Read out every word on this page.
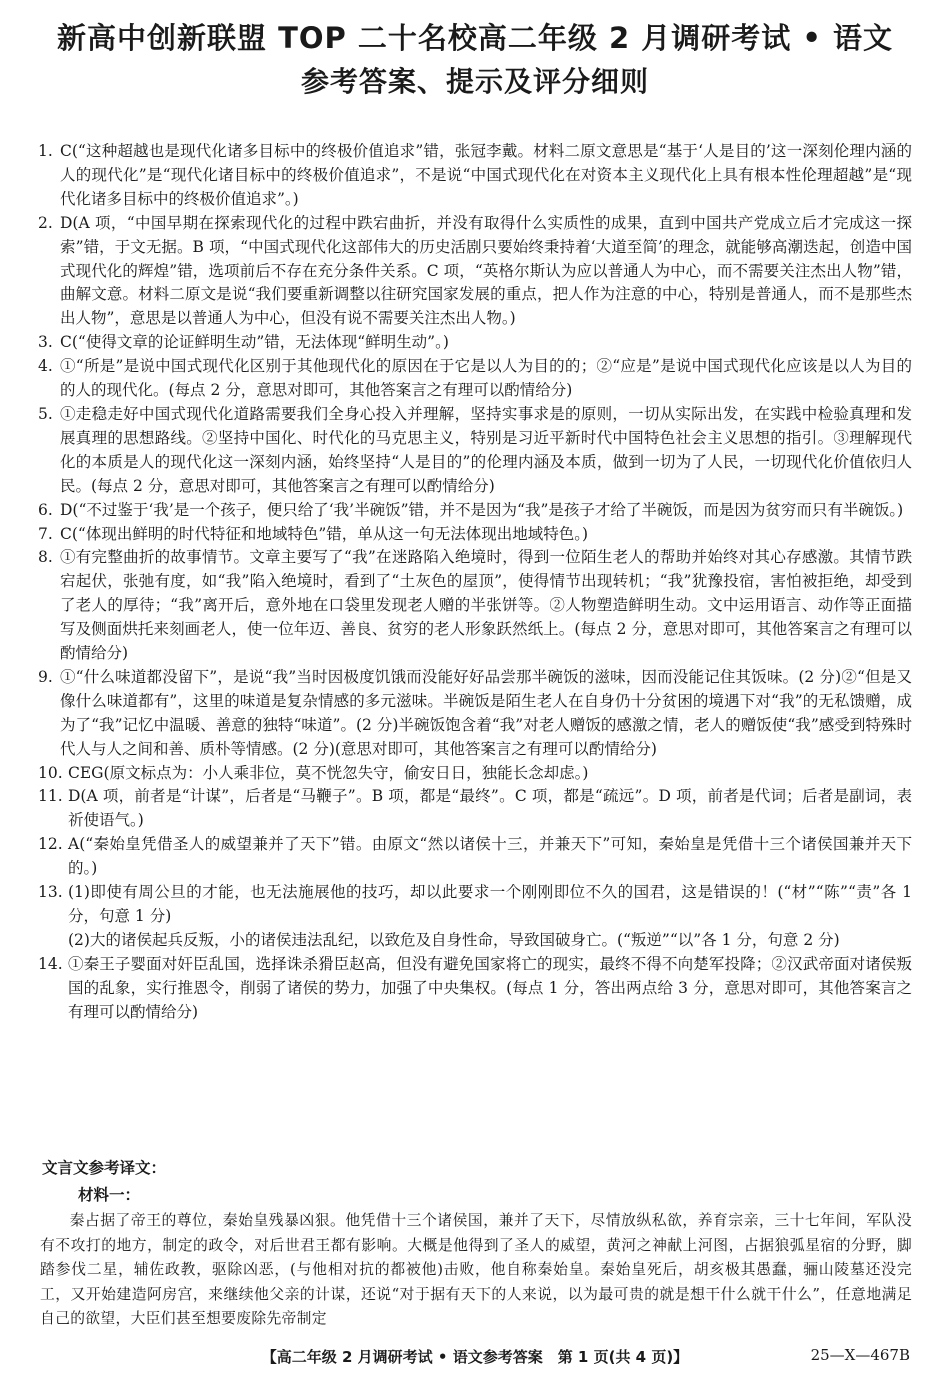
新高中创新联盟 TOP 二十名校高二年级 2 月调研考试 • 语文
参考答案、提示及评分细则
1. C(“这种超越也是现代化诸多目标中的终极价值追求”错，张冠李戴。材料二原文意思是“基于‘人是目的’这一深刻伦理内涵的人的现代化”是“现代化诸目标中的终极价值追求”，不是说“中国式现代化在对资本主义现代化上具有根本性伦理超越”是“现代化诸多目标中的终极价值追求”。)
2. D(A 项，“中国早期在探索现代化的过程中跌宕曲折，并没有取得什么实质性的成果，直到中国共产党成立后才完成这一探索”错，于文无据。B 项，“中国式现代化这部伟大的历史活剧只要始终秉持着‘大道至简’的理念，就能够高潮迭起，创造中国式现代化的辉煌”错，选项前后不存在充分条件关系。C 项，“英格尔斯认为应以普通人为中心，而不需要关注杰出人物”错，曲解文意。材料二原文是说“我们要重新调整以往研究国家发展的重点，把人作为注意的中心，特别是普通人，而不是那些杰出人物”，意思是以普通人为中心，但没有说不需要关注杰出人物。)
3. C(“使得文章的论证鲜明生动”错，无法体现“鲜明生动”。)
4. ①“所是”是说中国式现代化区别于其他现代化的原因在于它是以人为目的的；②“应是”是说中国式现代化应该是以人为目的的人的现代化。(每点 2 分，意思对即可，其他答案言之有理可以酌情给分)
5. ①走稳走好中国式现代化道路需要我们全身心投入并理解，坚持实事求是的原则，一切从实际出发，在实践中检验真理和发展真理的思想路线。②坚持中国化、时代化的马克思主义，特别是习近平新时代中国特色社会主义思想的指引。③理解现代化的本质是人的现代化这一深刻内涵，始终坚持“人是目的”的伦理内涵及本质，做到一切为了人民，一切现代化价值依归人民。(每点 2 分，意思对即可，其他答案言之有理可以酌情给分)
6. D(“不过鉴于‘我’是一个孩子，便只给了‘我’半碗饭”错，并不是因为“我”是孩子才给了半碗饭，而是因为贫穷而只有半碗饭。)
7. C(“体现出鲜明的时代特征和地域特色”错，单从这一句无法体现出地域特色。)
8. ①有完整曲折的故事情节。文章主要写了“我”在迷路陷入绝境时，得到一位陌生老人的帮助并始终对其心存感激。其情节跌宕起伏，张弛有度，如“我”陷入绝境时，看到了“土灰色的屋顶”，使得情节出现转机；“我”犹豫投宿，害怕被拒绝，却受到了老人的厚待；“我”离开后，意外地在口袋里发现老人赠的半张饼等。②人物塑造鲜明生动。文中运用语言、动作等正面描写及侧面烘托来刻画老人，使一位年迈、善良、贫穷的老人形象跃然纸上。(每点 2 分，意思对即可，其他答案言之有理可以酌情给分)
9. ①“什么味道都没留下”，是说“我”当时因极度饥饿而没能好好品尝那半碗饭的滋味，因而没能记住其饭味。(2 分)②“但是又像什么味道都有”，这里的味道是复杂情感的多元滋味。半碗饭是陌生老人在自身仍十分贫困的境遇下对“我”的无私馈赠，成为了“我”记忆中温暖、善意的独特“味道”。(2 分)半碗饭饱含着“我”对老人赠饭的感激之情，老人的赠饭使“我”感受到特殊时代人与人之间和善、质朴等情感。(2 分)(意思对即可，其他答案言之有理可以酌情给分)
10. CEG(原文标点为：小人乘非位，莫不恍忽失守，偷安日日，独能长念却虑。)
11. D(A 项，前者是“计谋”，后者是“马鞭子”。B 项，都是“最终”。C 项，都是“疏远”。D 项，前者是代词；后者是副词，表祈使语气。)
12. A(“秦始皇凭借圣人的威望兼并了天下”错。由原文“然以诸侯十三，并兼天下”可知，秦始皇是凭借十三个诸侯国兼并天下的。)
13. (1)即使有周公旦的才能，也无法施展他的技巧，却以此要求一个刚刚即位不久的国君，这是错误的！(“材”“陈”“责”各 1 分，句意 1 分)
(2)大的诸侯起兵反叛，小的诸侯违法乱纪，以致危及自身性命，导致国破身亡。(“叛逆”“以”各 1 分，句意 2 分)
14. ①秦王子婴面对奸臣乱国，选择诛杀猾臣赵高，但没有避免国家将亡的现实，最终不得不向楚军投降；②汉武帝面对诸侯叛国的乱象，实行推恩令，削弱了诸侯的势力，加强了中央集权。(每点 1 分，答出两点给 3 分，意思对即可，其他答案言之有理可以酌情给分)
文言文参考译文：
材料一：
秦占据了帝王的尊位，秦始皇残暴凶狠。他凭借十三个诸侯国，兼并了天下，尽情放纵私欲，养育宗亲，三十七年间，军队没有不攻打的地方，制定的政令，对后世君王都有影响。大概是他得到了圣人的威望，黄河之神献上河图，占据狼弧星宿的分野，脚踏参伐二星，辅佐政教，驱除凶恶，(与他相对抗的都被他)击败，他自称秦始皇。秦始皇死后，胡亥极其愚蠢，骊山陵墓还没完工，又开始建造阿房宫，来继续他父亲的计谋，还说“对于据有天下的人来说，以为最可贵的就是想干什么就干什么”，任意地满足自己的欲望，大臣们甚至想要废除先帝制定
【高二年级 2 月调研考试 • 语文参考答案　第 1 页(共 4 页)】	25—X—467B
